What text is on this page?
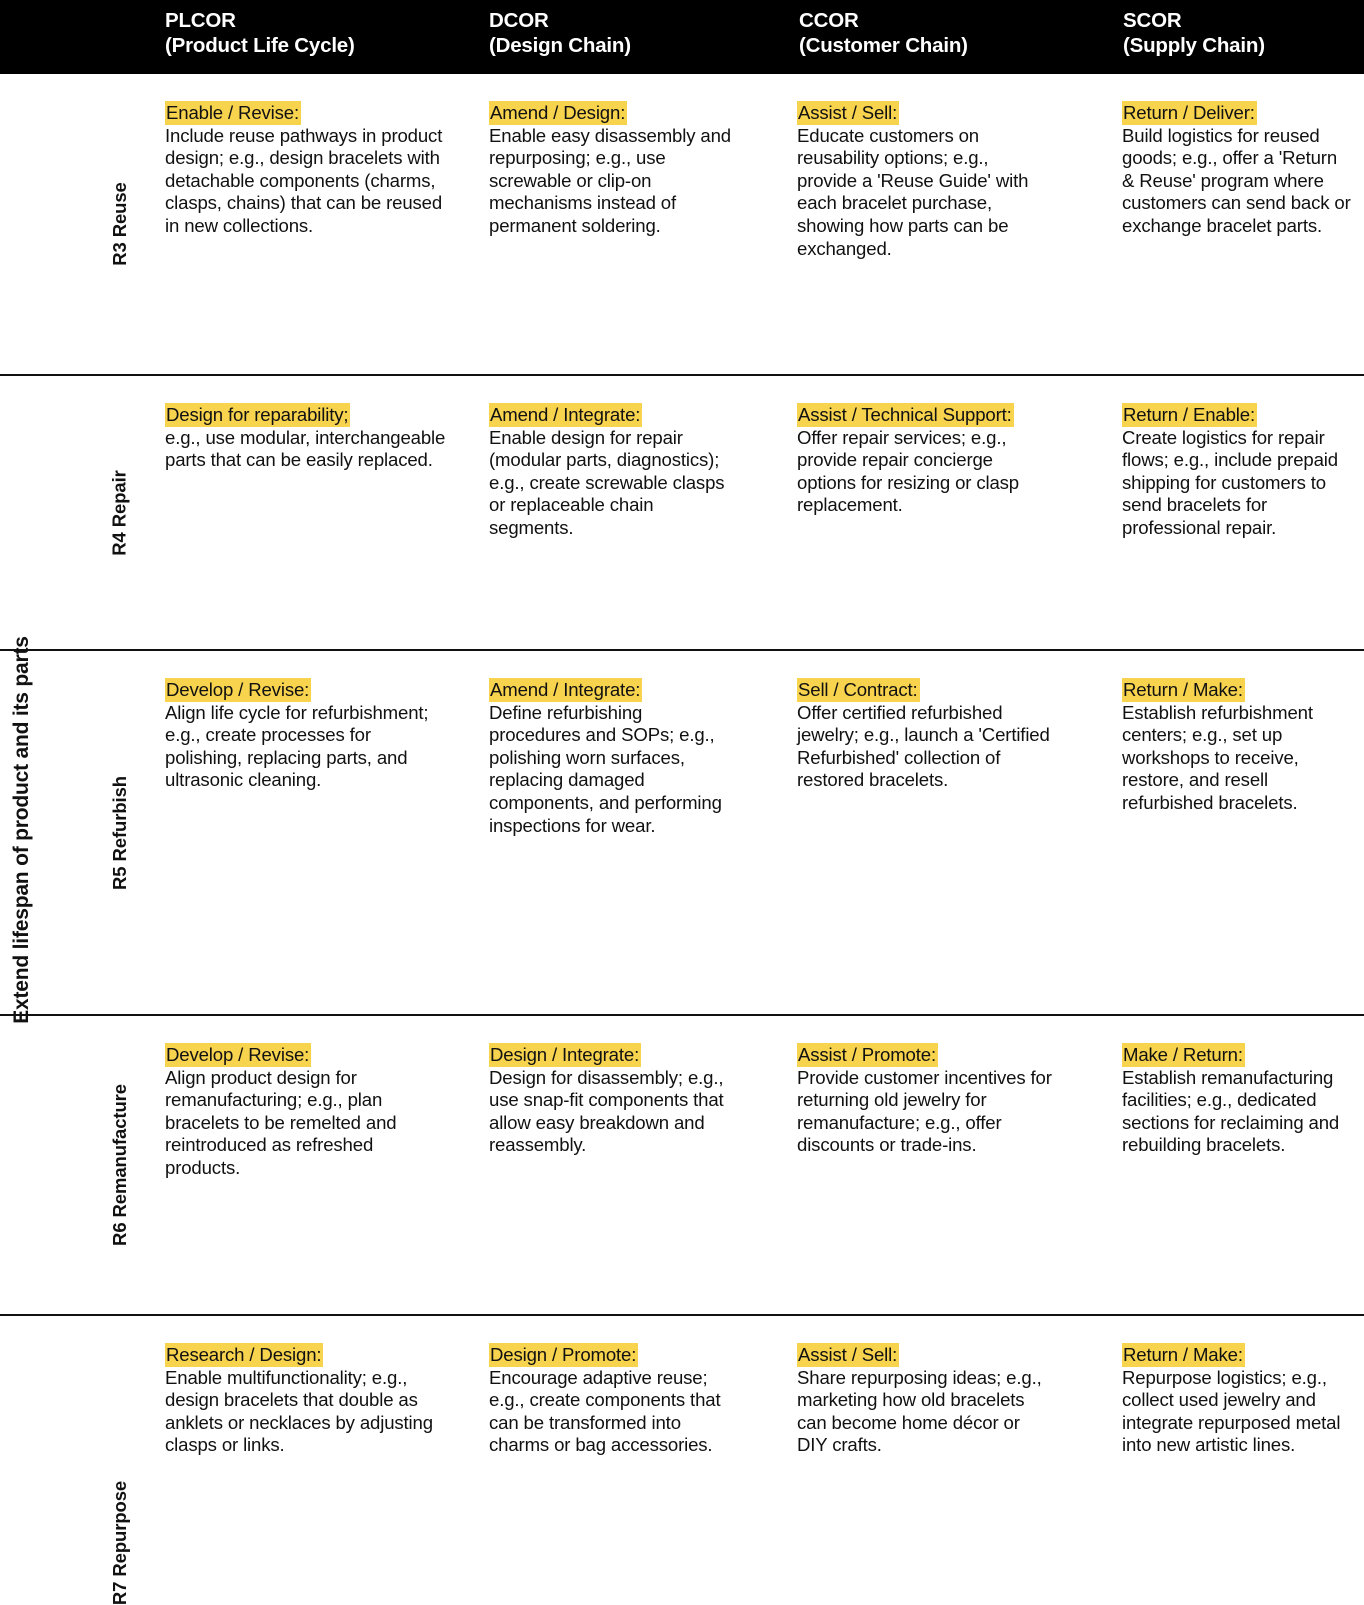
PLCOR
(Product Life Cycle)
DCOR
(Design Chain)
CCOR
(Customer Chain)
SCOR
(Supply Chain)
Extend lifespan of product and its parts
R3 Reuse
Enable / Revise:
Include reuse pathways in product design; e.g., design bracelets with detachable components (charms, clasps, chains) that can be reused in new collections.
Amend / Design:
Enable easy disassembly and repurposing; e.g., use screwable or clip-on mechanisms instead of permanent soldering.
Assist / Sell:
Educate customers on reusability options; e.g., provide a 'Reuse Guide' with each bracelet purchase, showing how parts can be exchanged.
Return / Deliver:
Build logistics for reused goods; e.g., offer a 'Return & Reuse' program where customers can send back or exchange bracelet parts.
R4 Repair
Design for reparability;
e.g., use modular, interchangeable parts that can be easily replaced.
Amend / Integrate:
Enable design for repair (modular parts, diagnostics); e.g., create screwable clasps or replaceable chain segments.
Assist / Technical Support:
Offer repair services; e.g., provide repair concierge options for resizing or clasp replacement.
Return / Enable:
Create logistics for repair flows; e.g., include prepaid shipping for customers to send bracelets for professional repair.
R5 Refurbish
Develop / Revise:
Align life cycle for refurbishment; e.g., create processes for polishing, replacing parts, and ultrasonic cleaning.
Amend / Integrate:
Define refurbishing procedures and SOPs; e.g., polishing worn surfaces, replacing damaged components, and performing inspections for wear.
Sell / Contract:
Offer certified refurbished jewelry; e.g., launch a 'Certified Refurbished' collection of restored bracelets.
Return / Make:
Establish refurbishment centers; e.g., set up workshops to receive, restore, and resell refurbished bracelets.
R6 Remanufacture
Develop / Revise:
Align product design for remanufacturing; e.g., plan bracelets to be remelted and reintroduced as refreshed products.
Design / Integrate:
Design for disassembly; e.g., use snap-fit components that allow easy breakdown and reassembly.
Assist / Promote:
Provide customer incentives for returning old jewelry for remanufacture; e.g., offer discounts or trade-ins.
Make / Return:
Establish remanufacturing facilities; e.g., dedicated sections for reclaiming and rebuilding bracelets.
R7 Repurpose
Research / Design:
Enable multifunctionality; e.g., design bracelets that double as anklets or necklaces by adjusting clasps or links.
Design / Promote:
Encourage adaptive reuse; e.g., create components that can be transformed into charms or bag accessories.
Assist / Sell:
Share repurposing ideas; e.g., marketing how old bracelets can become home décor or DIY crafts.
Return / Make:
Repurpose logistics; e.g., collect used jewelry and integrate repurposed metal into new artistic lines.
